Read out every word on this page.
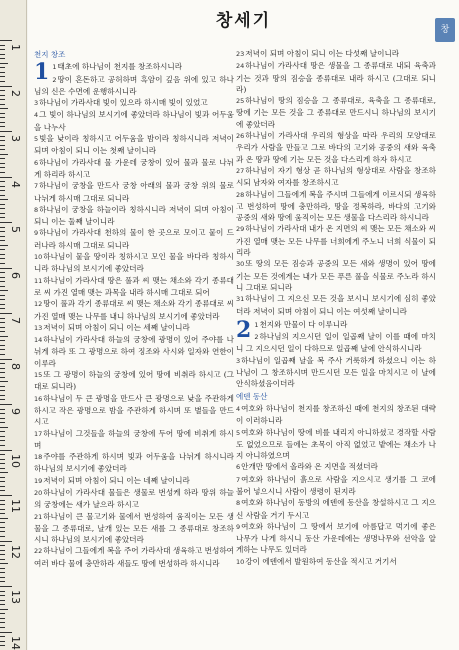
1
2
3
4
5
6
7
8
9
10
11
12
13
14
창세기	창
천지 창조
1 1태초에 하나님이 천지를 창조하시니라

2땅이 혼돈하고 공허하며 흑암이 깊음 위에 있고 하나님의 신은 수면에 운행하시니라

3하나님이 가라사대 빛이 있으라 하시매 빛이 있었고

4그 빛이 하나님의 보시기에 좋았더라 하나님이 빛과 어두움을 나누사

5빛을 낮이라 칭하시고 어두움을 밤이라 칭하시니라 저녁이 되며 아침이 되니 이는 첫째 날이니라

6하나님이 가라사대 물 가운데 궁창이 있어 물과 물로 나뉘게 하리라 하시고

7하나님이 궁창을 만드사 궁창 아래의 물과 궁창 위의 물로 나뉘게 하시매 그대로 되니라

8하나님이 궁창을 하늘이라 칭하시니라 저녁이 되며 아침이 되니 이는 둘째 날이니라

9하나님이 가라사대 천하의 물이 한 곳으로 모이고 뭍이 드러나라 하시매 그대로 되니라

10하나님이 뭍을 땅이라 칭하시고 모인 물을 바다라 칭하시니라 하나님의 보시기에 좋았더라

11하나님이 가라사대 땅은 풀과 씨 맺는 채소와 각기 종류대로 씨 가진 열매 맺는 과목을 내라 하시매 그대로 되어

12땅이 풀과 각기 종류대로 씨 맺는 채소와 각기 종류대로 씨 가진 열매 맺는 나무를 내니 하나님의 보시기에 좋았더라

13저녁이 되며 아침이 되니 이는 세째 날이니라

14하나님이 가라사대 하늘의 궁창에 광명이 있어 주야를 나뉘게 하라 또 그 광명으로 하여 징조와 사시와 일자와 연한이 이루라

15또 그 광명이 하늘의 궁창에 있어 땅에 비취라 하시고 (그대로 되니라)

16하나님이 두 큰 광명을 만드사 큰 광명으로 낮을 주관하게 하시고 작은 광명으로 밤을 주관하게 하시며 또 별들을 만드시고

17하나님이 그것들을 하늘의 궁창에 두어 땅에 비취게 하시며

18주야를 주관하게 하시며 빛과 어두움을 나뉘게 하시니라 하나님의 보시기에 좋았더라

19저녁이 되며 아침이 되니 이는 네째 날이니라

20하나님이 가라사대 물들은 생물로 번성케 하라 땅위 하늘의 궁창에는 새가 날으라 하시고

21하나님이 큰 물고기와 물에서 번성하여 움직이는 모든 생물을 그 종류대로, 날개 있는 모든 새를 그 종류대로 창조하시니 하나님의 보시기에 좋았더라

22하나님이 그들에게 복을 주어 가라사대 생육하고 번성하여 여러 바다 물에 충만하라 새들도 땅에 번성하라 하시니라

23저녁이 되며 아침이 되니 이는 다섯째 날이니라

24하나님이 가라사대 땅은 생물을 그 종류대로 내되 육축과 기는 것과 땅의 짐승을 종류대로 내라 하시고 (그대로 되니라)

25하나님이 땅의 짐승을 그 종류대로, 육축을 그 종류대로, 땅에 기는 모든 것을 그 종류대로 만드시니 하나님의 보시기에 좋았더라

26하나님이 가라사대 우리의 형상을 따라 우리의 모양대로 우리가 사람을 만들고 그로 바다의 고기와 공중의 새와 육축과 온 땅과 땅에 기는 모든 것을 다스리게 하자 하시고

27하나님이 자기 형상 곧 하나님의 형상대로 사람을 창조하시되 남자와 여자를 창조하시고

28하나님이 그들에게 복을 주시며 그들에게 이르시되 생육하고 번성하여 땅에 충만하라, 땅을 정복하라, 바다의 고기와 공중의 새와 땅에 움직이는 모든 생물을 다스리라 하시니라

29하나님이 가라사대 내가 온 지면의 씨 맺는 모든 채소와 씨 가진 열매 맺는 모든 나무를 너희에게 주노니 너희 식물이 되리라

30또 땅의 모든 짐승과 공중의 모든 새와 생명이 있어 땅에 기는 모든 것에게는 내가 모든 푸른 풀을 식물로 주노라 하시니 그대로 되니라

31하나님이 그 지으신 모든 것을 보시니 보시기에 심히 좋았더라 저녁이 되며 아침이 되니 이는 여섯째 날이니라

2 1천지와 만물이 다 이루니라

2하나님의 지으시던 일이 일곱째 날이 이를 때에 마치니 그 지으시던 일이 다하므로 일곱째 날에 안식하시니라

3하나님이 일곱째 날을 복 주사 거룩하게 하셨으니 이는 하나님이 그 창조하시며 만드시던 모든 일을 마치시고 이 날에 안식하셨음이더라

에덴 동산

4여호와 하나님이 천지를 창조하신 때에 천지의 창조된 대략이 이러하니라

5여호와 하나님이 땅에 비를 내리지 아니하셨고 경작할 사람도 없었으므로 들에는 초목이 아직 없었고 밭에는 채소가 나지 아니하였으며

6안개만 땅에서 올라와 온 지면을 적셨더라

7여호와 하나님이 흙으로 사람을 지으시고 생기를 그 코에 불어 넣으시니 사람이 생령이 된지라

8여호와 하나님이 동방의 에덴에 동산을 창설하시고 그 지으신 사람을 거기 두시고

9여호와 하나님이 그 땅에서 보기에 아름답고 먹기에 좋은 나무가 나게 하시니 동산 가운데에는 생명나무와 선악을 알게하는 나무도 있더라

10강이 에덴에서 발원하여 동산을 적시고 거기서
